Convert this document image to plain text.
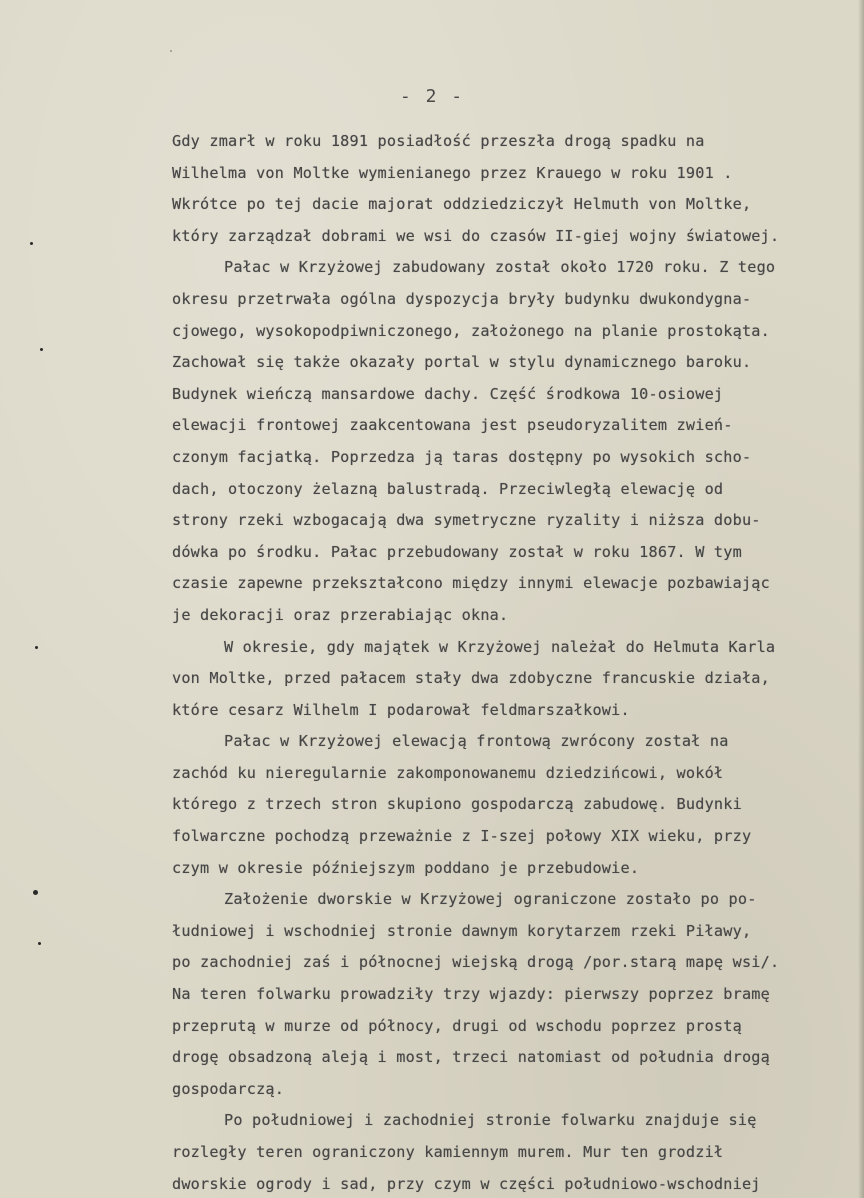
- 2 -
Gdy zmarł w roku 1891 posiadłość przeszła drogą spadku na
Wilhelma von Moltke wymienianego przez Krauego w roku 1901 .
Wkrótce po tej dacie majorat oddziedziczył Helmuth von Moltke,
który zarządzał dobrami we wsi do czasów II-giej wojny światowej.
Pałac w Krzyżowej zabudowany został około 1720 roku. Z tego
okresu przetrwała ogólna dyspozycja bryły budynku dwukondygna-
cjowego, wysokopodpiwniczonego, założonego na planie prostokąta.
Zachował się także okazały portal w stylu dynamicznego baroku.
Budynek wieńczą mansardowe dachy. Część środkowa 10-osiowej
elewacji frontowej zaakcentowana jest pseudoryzalitem zwień-
czonym facjatką. Poprzedza ją taras dostępny po wysokich scho-
dach, otoczony żelazną balustradą. Przeciwległą elewację od
strony rzeki wzbogacają dwa symetryczne ryzality i niższa dobu-
dówka po środku. Pałac przebudowany został w roku 1867. W tym
czasie zapewne przekształcono między innymi elewacje pozbawiając
je dekoracji oraz przerabiając okna.
W okresie, gdy majątek w Krzyżowej należał do Helmuta Karla
von Moltke, przed pałacem stały dwa zdobyczne francuskie działa,
które cesarz Wilhelm I podarował feldmarszałkowi.
Pałac w Krzyżowej elewacją frontową zwrócony został na
zachód ku nieregularnie zakomponowanemu dziedzińcowi, wokół
którego z trzech stron skupiono gospodarczą zabudowę. Budynki
folwarczne pochodzą przeważnie z I-szej połowy XIX wieku, przy
czym w okresie późniejszym poddano je przebudowie.
Założenie dworskie w Krzyżowej ograniczone zostało po po-
łudniowej i wschodniej stronie dawnym korytarzem rzeki Piławy,
po zachodniej zaś i północnej wiejską drogą /por.starą mapę wsi/.
Na teren folwarku prowadziły trzy wjazdy: pierwszy poprzez bramę
przeprutą w murze od północy, drugi od wschodu poprzez prostą
drogę obsadzoną aleją i most, trzeci natomiast od południa drogą
gospodarczą.
Po południowej i zachodniej stronie folwarku znajduje się
rozległy teren ograniczony kamiennym murem. Mur ten grodził
dworskie ogrody i sad, przy czym w części południowo-wschodniej
